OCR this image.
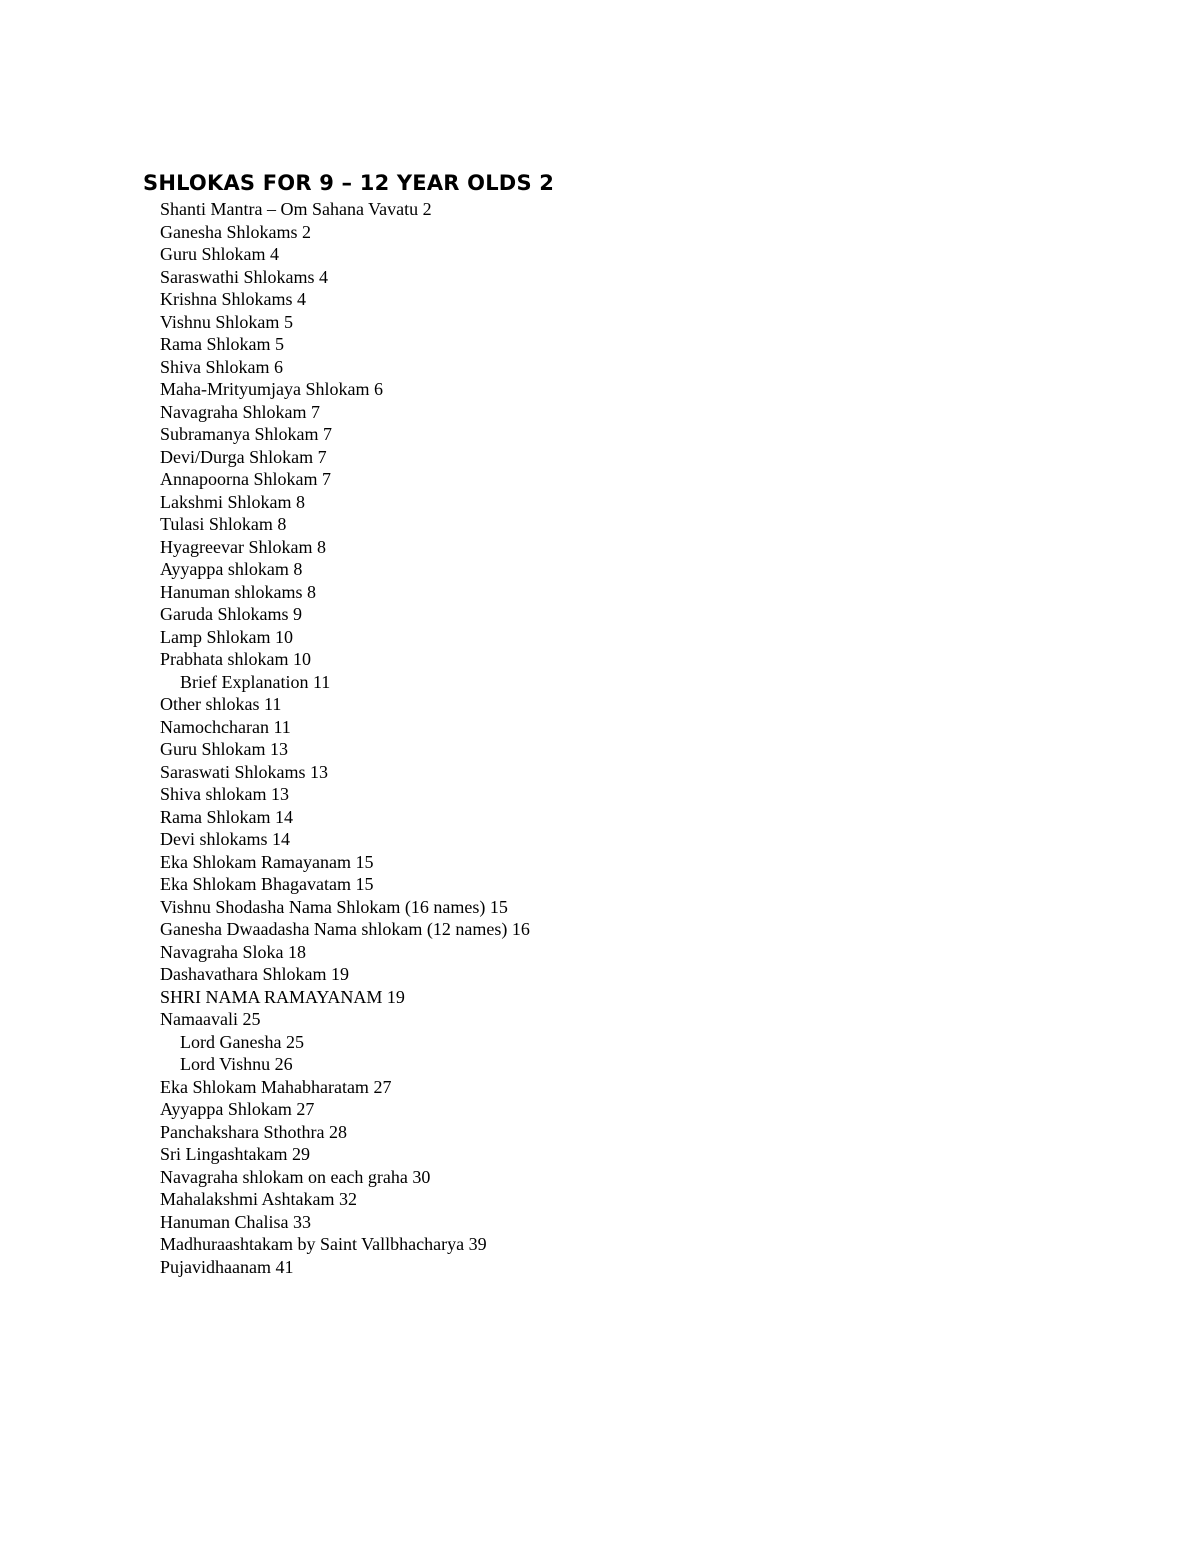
SHLOKAS FOR 9 – 12 YEAR OLDS 2
Shanti Mantra – Om Sahana Vavatu 2
Ganesha Shlokams 2
Guru Shlokam 4
Saraswathi Shlokams 4
Krishna Shlokams 4
Vishnu Shlokam 5
Rama Shlokam 5
Shiva Shlokam 6
Maha-Mrityumjaya Shlokam 6
Navagraha Shlokam 7
Subramanya Shlokam 7
Devi/Durga Shlokam 7
Annapoorna Shlokam 7
Lakshmi Shlokam 8
Tulasi Shlokam 8
Hyagreevar Shlokam 8
Ayyappa shlokam 8
Hanuman shlokams 8
Garuda Shlokams 9
Lamp Shlokam 10
Prabhata shlokam 10
Brief Explanation 11
Other shlokas 11
Namochcharan 11
Guru Shlokam 13
Saraswati Shlokams 13
Shiva shlokam 13
Rama Shlokam 14
Devi shlokams 14
Eka Shlokam Ramayanam 15
Eka Shlokam Bhagavatam 15
Vishnu Shodasha Nama Shlokam (16 names) 15
Ganesha Dwaadasha Nama shlokam (12 names) 16
Navagraha Sloka 18
Dashavathara Shlokam 19
SHRI NAMA RAMAYANAM 19
Namaavali 25
Lord Ganesha 25
Lord Vishnu 26
Eka Shlokam Mahabharatam 27
Ayyappa Shlokam 27
Panchakshara Sthothra 28
Sri Lingashtakam 29
Navagraha shlokam on each graha 30
Mahalakshmi Ashtakam 32
Hanuman Chalisa 33
Madhuraashtakam by Saint Vallbhacharya 39
Pujavidhaanam 41
